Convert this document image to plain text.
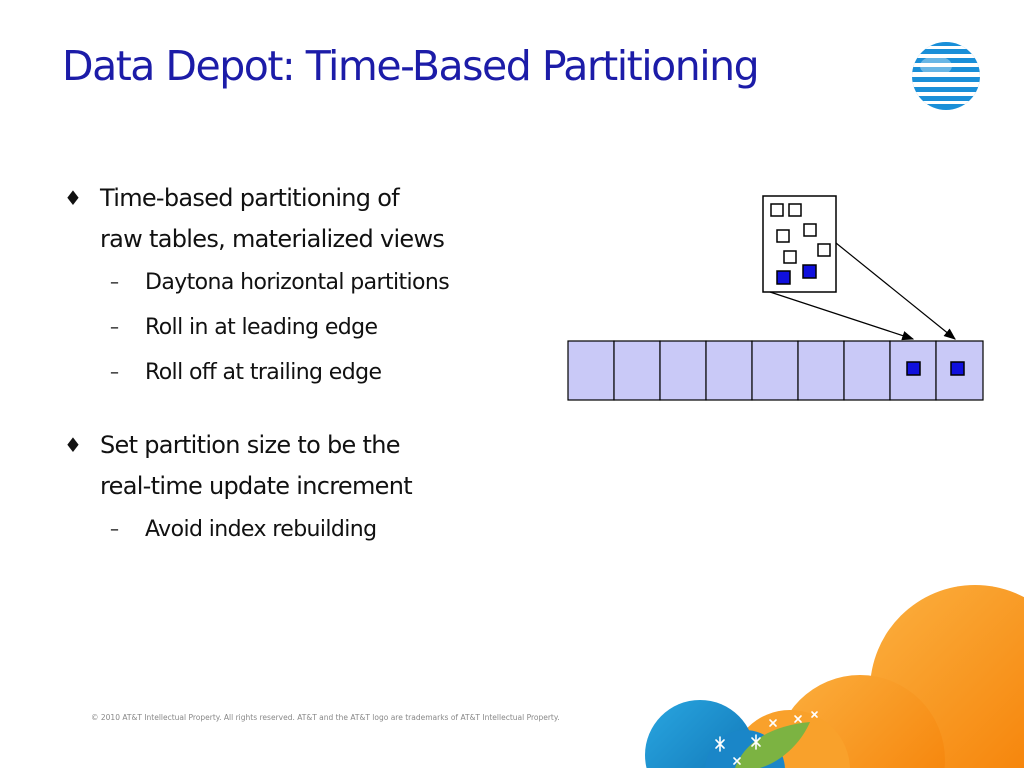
Data Depot: Time-Based Partitioning
♦ Time-based partitioning of
raw tables, materialized views
– Daytona horizontal partitions
– Roll in at leading edge
– Roll off at trailing edge
♦ Set partition size to be the
real-time update increment
– Avoid index rebuilding
© 2010 AT&T Intellectual Property. All rights reserved. AT&T and the AT&T logo are trademarks of AT&T Intellectual Property.
